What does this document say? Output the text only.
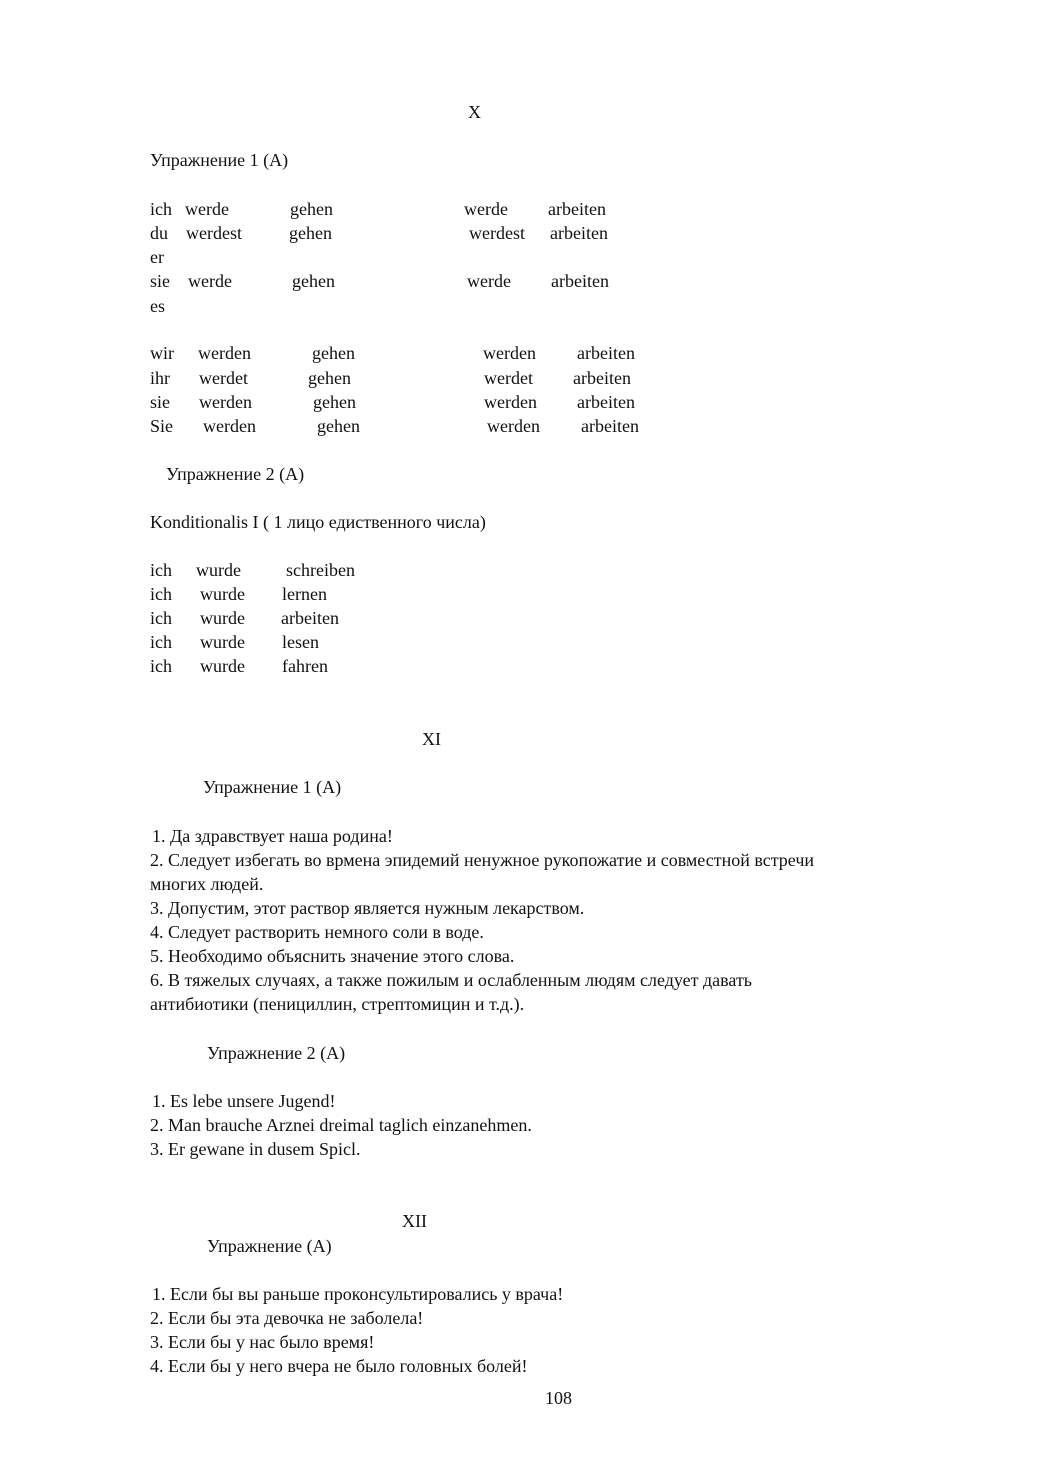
X
Упражнение 1 (А)
ich werde	gehen	werde arbeiten
du werdest	gehen	werdest arbeiten
er
sie werde	gehen	werde arbeiten
es
wir werden	gehen	werden arbeiten
ihr werdet	gehen	werdet arbeiten
sie werden	gehen	werden arbeiten
Sie werden	gehen	werden arbeiten
Упражнение 2 (А)
Konditionalis I ( 1 лицо едиственного числа)
ich wurde	schreiben
ich wurde lernen
ich wurde arbeiten
ich wurde lesen
ich wurde fahren
XI
Упражнение 1 (А)
1. Да здравствует наша родина!
2. Следует избегать во врмена эпидемий ненужное рукопожатие и совместной встречи
многих людей.
3. Допустим, этот раствор является нужным лекарством.
4. Следует растворить немного соли в воде.
5. Необходимо объяснить значение этого слова.
6. В тяжелых случаях, а также пожилым и ослабленным людям следует давать
антибиотики (пенициллин, стрептомицин и т.д.).
Упражнение 2 (А)
1. Es lebe unsere Jugend!
2. Man brauche Arznei dreimal taglich einzanehmen.
3. Er gewane in dusem Spicl.
XII
Упражнение (А)
1. Если бы вы раньше проконсультировались у врача!
2. Если бы эта девочка не заболела!
3. Если бы у нас было время!
4. Если бы у него вчера не было головных болей!
108
